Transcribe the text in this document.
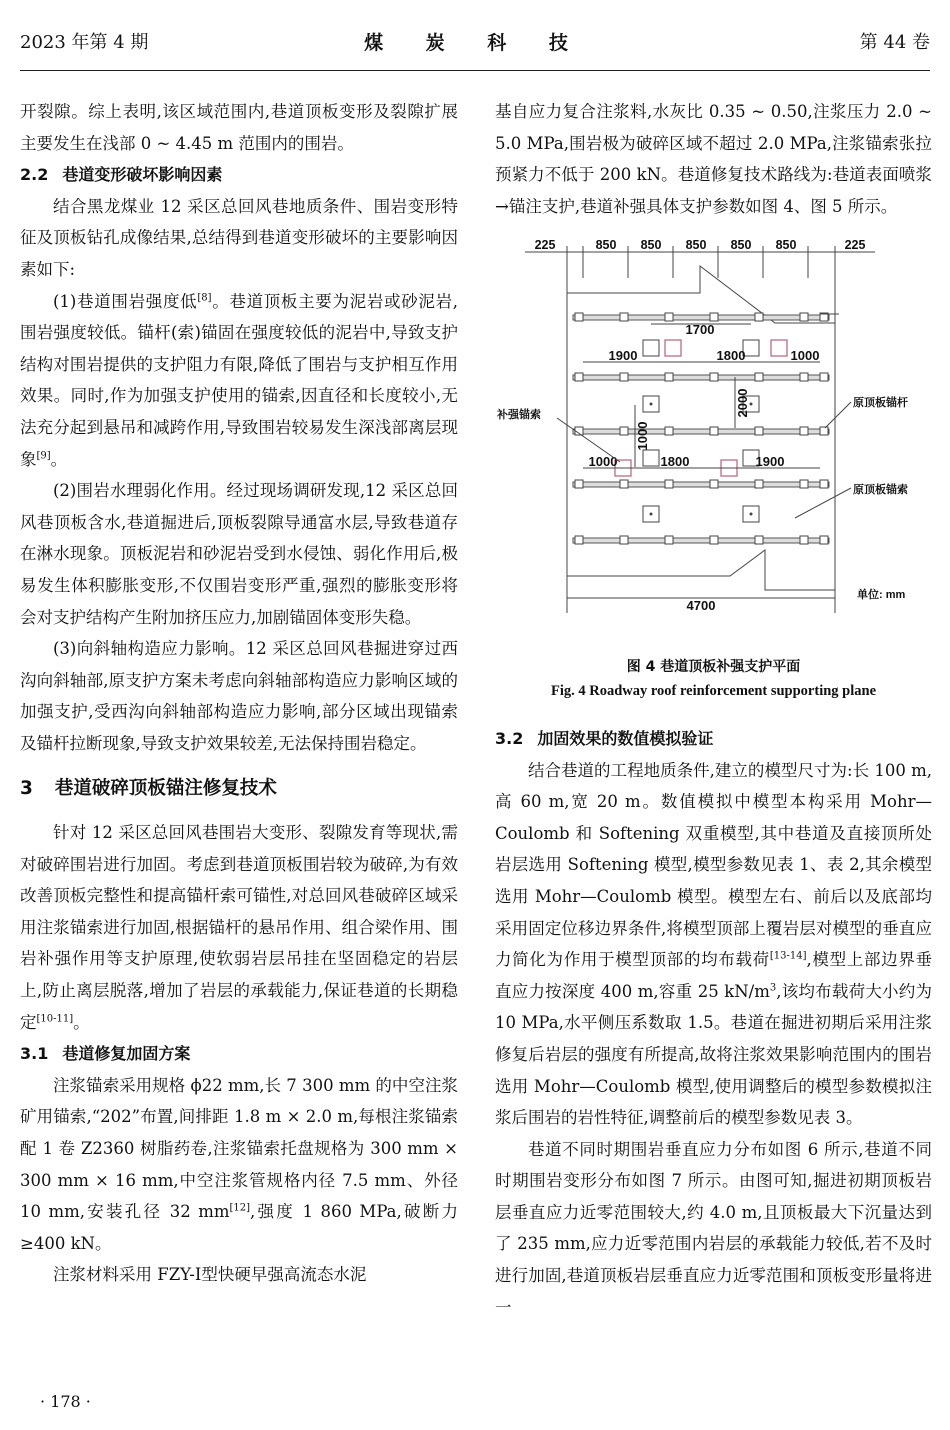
2023 年第 4 期	煤 炭 科 技	第 44 卷

开裂隙。综上表明,该区域范围内,巷道顶板变形及裂隙扩展主要发生在浅部 0 ~ 4.45 m 范围内的围岩。

2.2 巷道变形破坏影响因素

结合黑龙煤业 12 采区总回风巷地质条件、围岩变形特征及顶板钻孔成像结果,总结得到巷道变形破坏的主要影响因素如下:

(1)巷道围岩强度低[8]。巷道顶板主要为泥岩或砂泥岩,围岩强度较低。锚杆(索)锚固在强度较低的泥岩中,导致支护结构对围岩提供的支护阻力有限,降低了围岩与支护相互作用效果。同时,作为加强支护使用的锚索,因直径和长度较小,无法充分起到悬吊和减跨作用,导致围岩较易发生深浅部离层现象[9]。

(2)围岩水理弱化作用。经过现场调研发现,12 采区总回风巷顶板含水,巷道掘进后,顶板裂隙导通富水层,导致巷道存在淋水现象。顶板泥岩和砂泥岩受到水侵蚀、弱化作用后,极易发生体积膨胀变形,不仅围岩变形严重,强烈的膨胀变形将会对支护结构产生附加挤压应力,加剧锚固体变形失稳。

(3)向斜轴构造应力影响。12 采区总回风巷掘进穿过西沟向斜轴部,原支护方案未考虑向斜轴部构造应力影响区域的加强支护,受西沟向斜轴部构造应力影响,部分区域出现锚索及锚杆拉断现象,导致支护效果较差,无法保持围岩稳定。

3 巷道破碎顶板锚注修复技术

针对 12 采区总回风巷围岩大变形、裂隙发育等现状,需对破碎围岩进行加固。考虑到巷道顶板围岩较为破碎,为有效改善顶板完整性和提高锚杆索可锚性,对总回风巷破碎区域采用注浆锚索进行加固,根据锚杆的悬吊作用、组合梁作用、围岩补强作用等支护原理,使软弱岩层吊挂在坚固稳定的岩层上,防止离层脱落,增加了岩层的承载能力,保证巷道的长期稳定[10-11]。

3.1 巷道修复加固方案

注浆锚索采用规格 ϕ22 mm,长 7 300 mm 的中空注浆矿用锚索,“202”布置,间排距 1.8 m × 2.0 m,每根注浆锚索配 1 卷 Z2360 树脂药卷,注浆锚索托盘规格为 300 mm × 300 mm × 16 mm,中空注浆管规格内径 7.5 mm、外径 10 mm,安装孔径 32 mm[12],强度 1 860 MPa,破断力≥400 kN。

注浆材料采用 FZY-Ⅰ型快硬早强高流态水泥

基自应力复合注浆料,水灰比 0.35 ~ 0.50,注浆压力 2.0 ~ 5.0 MPa,围岩极为破碎区域不超过 2.0 MPa,注浆锚索张拉预紧力不低于 200 kN。巷道修复技术路线为:巷道表面喷浆→锚注支护,巷道补强具体支护参数如图 4、图 5 所示。

225	850 850 850 850 850	225
1700
1900	1800	1000
1000	1800	1900
4700
2000
1000
补强锚索
原顶板锚杆
原顶板锚索
单位: mm
图 4 巷道顶板补强支护平面
Fig. 4 Roadway roof reinforcement supporting plane
3.2 加固效果的数值模拟验证

结合巷道的工程地质条件,建立的模型尺寸为:长 100 m,高 60 m,宽 20 m。数值模拟中模型本构采用 Mohr—Coulomb 和 Softening 双重模型,其中巷道及直接顶所处岩层选用 Softening 模型,模型参数见表 1、表 2,其余模型选用 Mohr—Coulomb 模型。模型左右、前后以及底部均采用固定位移边界条件,将模型顶部上覆岩层对模型的垂直应力简化为作用于模型顶部的均布载荷[13-14],模型上部边界垂直应力按深度 400 m,容重 25 $kN/m^3$,该均布载荷大小约为 10 MPa,水平侧压系数取 1.5。巷道在掘进初期后采用注浆修复后岩层的强度有所提高,故将注浆效果影响范围内的围岩选用 Mohr—Coulomb 模型,使用调整后的模型参数模拟注浆后围岩的岩性特征,调整前后的模型参数见表 3。

巷道不同时期围岩垂直应力分布如图 6 所示,巷道不同时期围岩变形分布如图 7 所示。由图可知,掘进初期顶板岩层垂直应力近零范围较大,约 4.0 m,且顶板最大下沉量达到了 235 mm,应力近零范围内岩层的承载能力较低,若不及时进行加固,巷道顶板岩层垂直应力近零范围和顶板变形量将进一

· 178 ·
